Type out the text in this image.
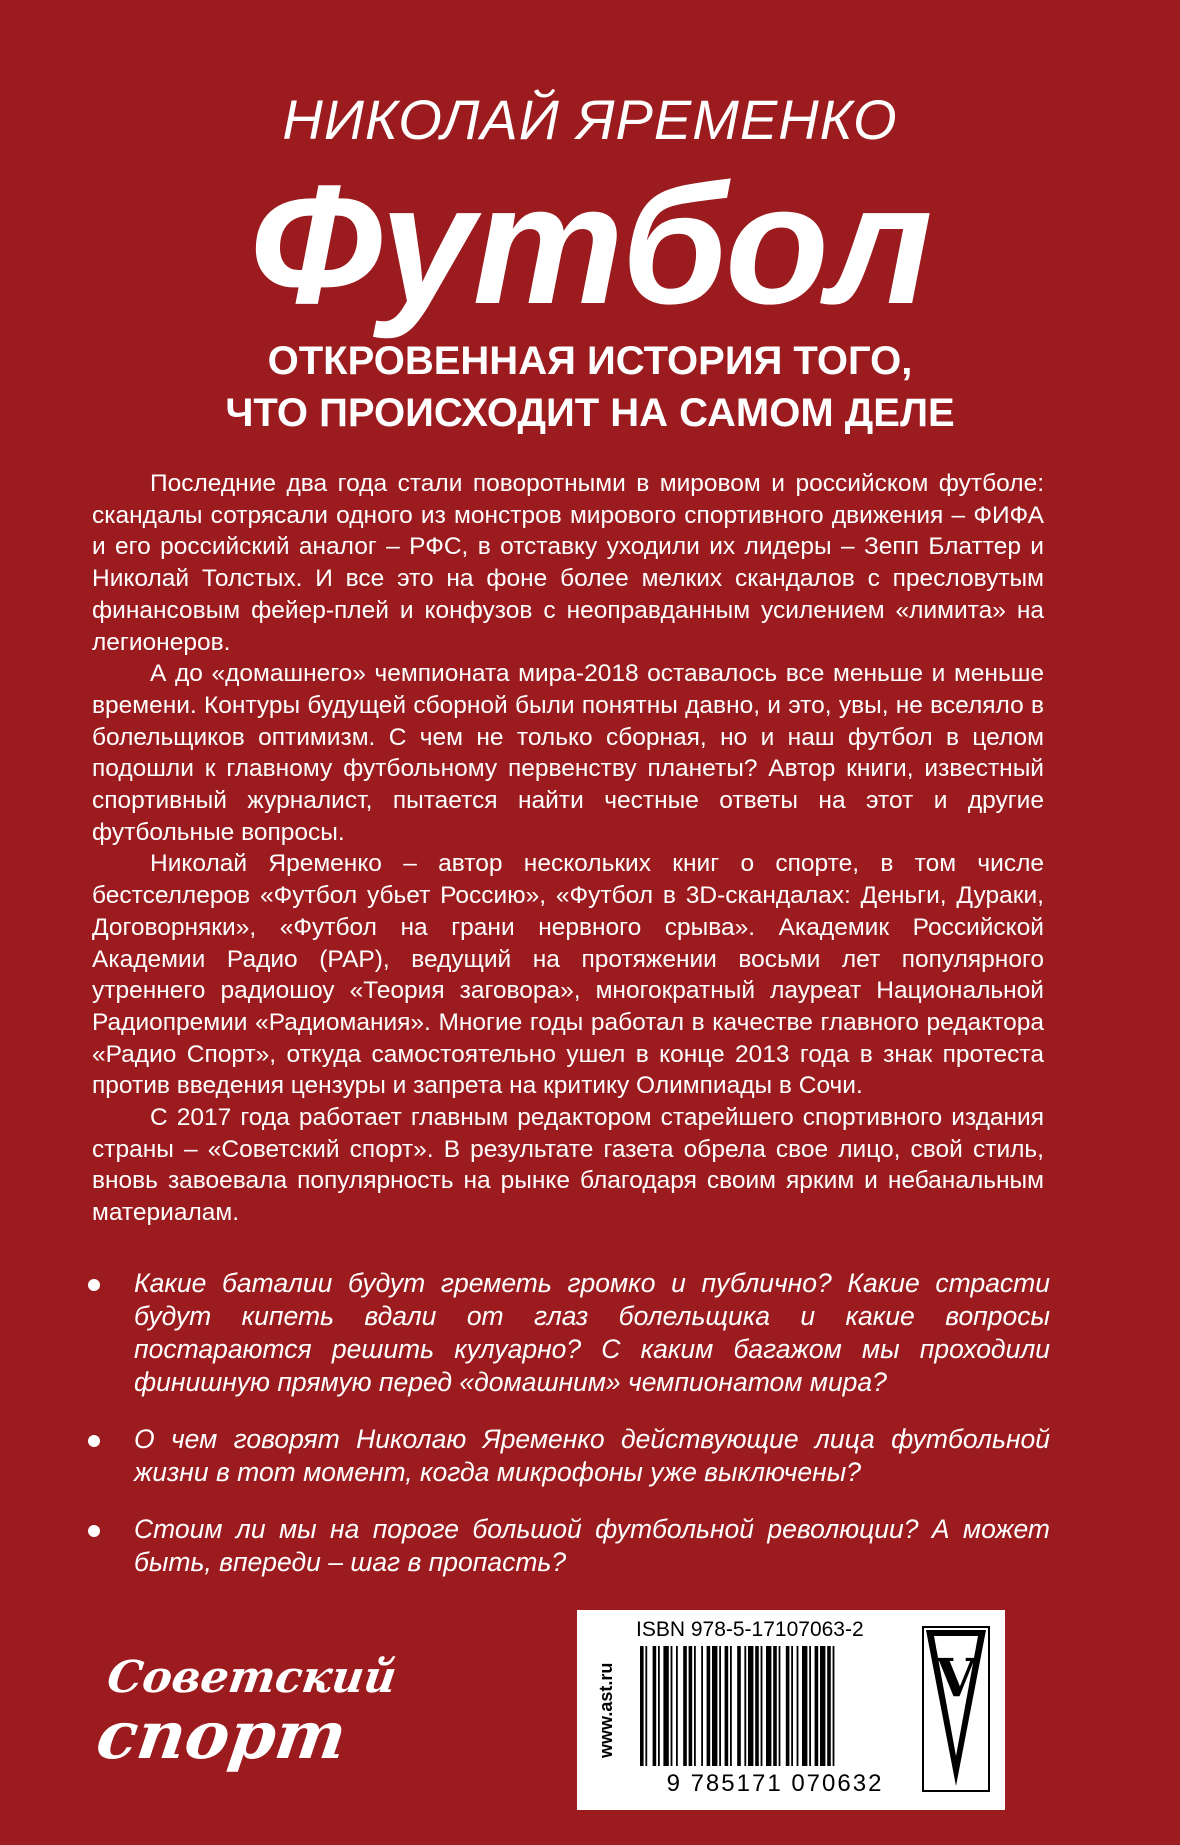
НИКОЛАЙ ЯРЕМЕНКО
Футбол
ОТКРОВЕННАЯ ИСТОРИЯ ТОГО,
ЧТО ПРОИСХОДИТ НА САМОМ ДЕЛЕ

Последние два года стали поворотными в мировом и российском футболе: скандалы сотрясали одного из монстров мирового спортивного движения – ФИФА и его российский аналог – РФС, в отставку уходили их лидеры – Зепп Блаттер и Николай Толстых. И все это на фоне более мелких скандалов с пресловутым финансовым фейер-плей и конфузов с неоправданным усилением «лимита» на легионеров.

А до «домашнего» чемпионата мира-2018 оставалось все меньше и меньше времени. Контуры будущей сборной были понятны давно, и это, увы, не вселяло в болельщиков оптимизм. С чем не только сборная, но и наш футбол в целом подошли к главному футбольному первенству планеты? Автор книги, известный спортивный журналист, пытается найти честные ответы на этот и другие футбольные вопросы.

Николай Яременко – автор нескольких книг о спорте, в том числе бестселлеров «Футбол убьет Россию», «Футбол в 3D-скандалах: Деньги, Дураки, Договорняки», «Футбол на грани нервного срыва». Академик Российской Академии Радио (РАР), ведущий на протяжении восьми лет популярного утреннего радиошоу «Теория заговора», многократный лауреат Национальной Радиопремии «Радиомания». Многие годы работал в качестве главного редактора «Радио Спорт», откуда самостоятельно ушел в конце 2013 года в знак протеста против введения цензуры и запрета на критику Олимпиады в Сочи.

С 2017 года работает главным редактором старейшего спортивного издания страны – «Советский спорт». В результате газета обрела свое лицо, свой стиль, вновь завоевала популярность на рынке благодаря своим ярким и небанальным материалам.

Какие баталии будут греметь громко и публично? Какие страсти будут кипеть вдали от глаз болельщика и какие вопросы постараются решить кулуарно? С каким багажом мы проходили финишную прямую перед «домашним» чемпионатом мира?
О чем говорят Николаю Яременко действующие лица футбольной жизни в тот момент, когда микрофоны уже выключены?
Стоим ли мы на пороге большой футбольной революции? А может быть, впереди – шаг в пропасть?
Советский
спорт	www.ast.ru
ISBN 978-5-17107063-2
9 785171 070632
V
